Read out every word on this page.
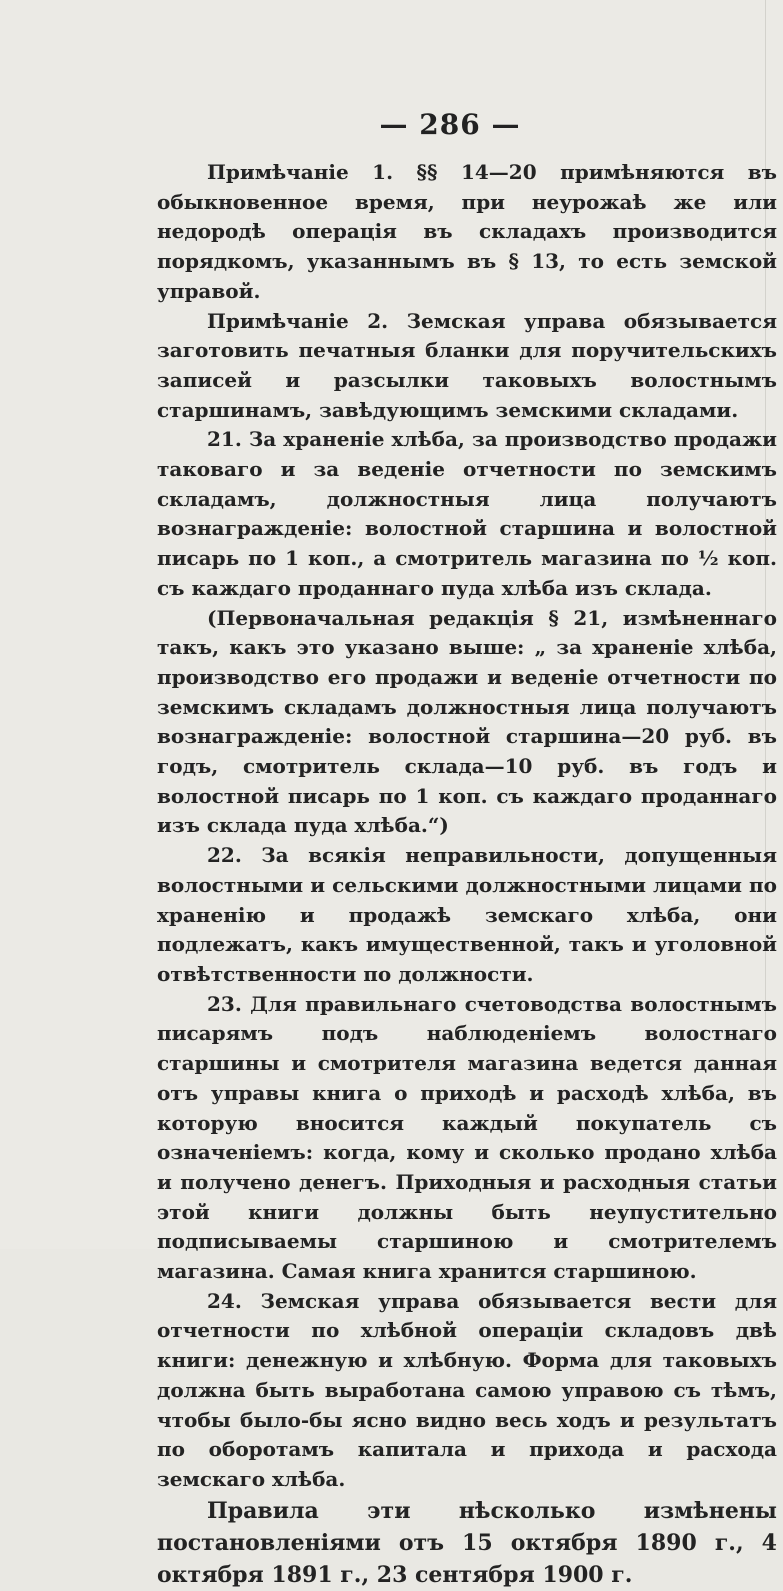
— 286 —

Примѣчаніе 1. §§ 14—20 примѣняются въ обыкновенное время, при неурожаѣ же или недородѣ операція въ складахъ производится порядкомъ, указаннымъ въ § 13, то есть земской управой.

Примѣчаніе 2. Земская управа обязывается заготовить печатныя бланки для поручительскихъ записей и разсылки таковыхъ волостнымъ старшинамъ, завѣдующимъ земскими складами.

21. За храненіе хлѣба, за производство продажи таковаго и за веденіе отчетности по земскимъ складамъ, должностныя лица получаютъ вознагражденіе: волостной старшина и волостной писарь по 1 коп., а смотритель магазина по ½ коп. съ каждаго проданнаго пуда хлѣба изъ склада.

(Первоначальная редакція § 21, измѣненнаго такъ, какъ это указано выше: „ за храненіе хлѣба, производство его продажи и веденіе отчетности по земскимъ складамъ должностныя лица получаютъ вознагражденіе: волостной старшина—20 руб. въ годъ, смотритель склада—10 руб. въ годъ и волостной писарь по 1 коп. съ каждаго проданнаго изъ склада пуда хлѣба.“)

22. За всякія неправильности, допущенныя волостными и сельскими должностными лицами по храненію и продажѣ земскаго хлѣба, они подлежатъ, какъ имущественной, такъ и уголовной отвѣтственности по должности.

23. Для правильнаго счетоводства волостнымъ писарямъ подъ наблюденіемъ волостнаго старшины и смотрителя магазина ведется данная отъ управы книга о приходѣ и расходѣ хлѣба, въ которую вносится каждый покупатель съ означеніемъ: когда, кому и сколько продано хлѣба и получено денегъ. Приходныя и расходныя статьи этой книги должны быть неупустительно подписываемы старшиною и смотрителемъ магазина. Самая книга хранится старшиною.

24. Земская управа обязывается вести для отчетности по хлѣбной операціи складовъ двѣ книги: денежную и хлѣбную. Форма для таковыхъ должна быть выработана самою управою съ тѣмъ, чтобы было-бы ясно видно весь ходъ и результатъ по оборотамъ капитала и прихода и расхода земскаго хлѣба.

Правила эти нѣсколько измѣнены постановленіями отъ 15 октября 1890 г., 4 октября 1891 г., 23 сентября 1900 г.
